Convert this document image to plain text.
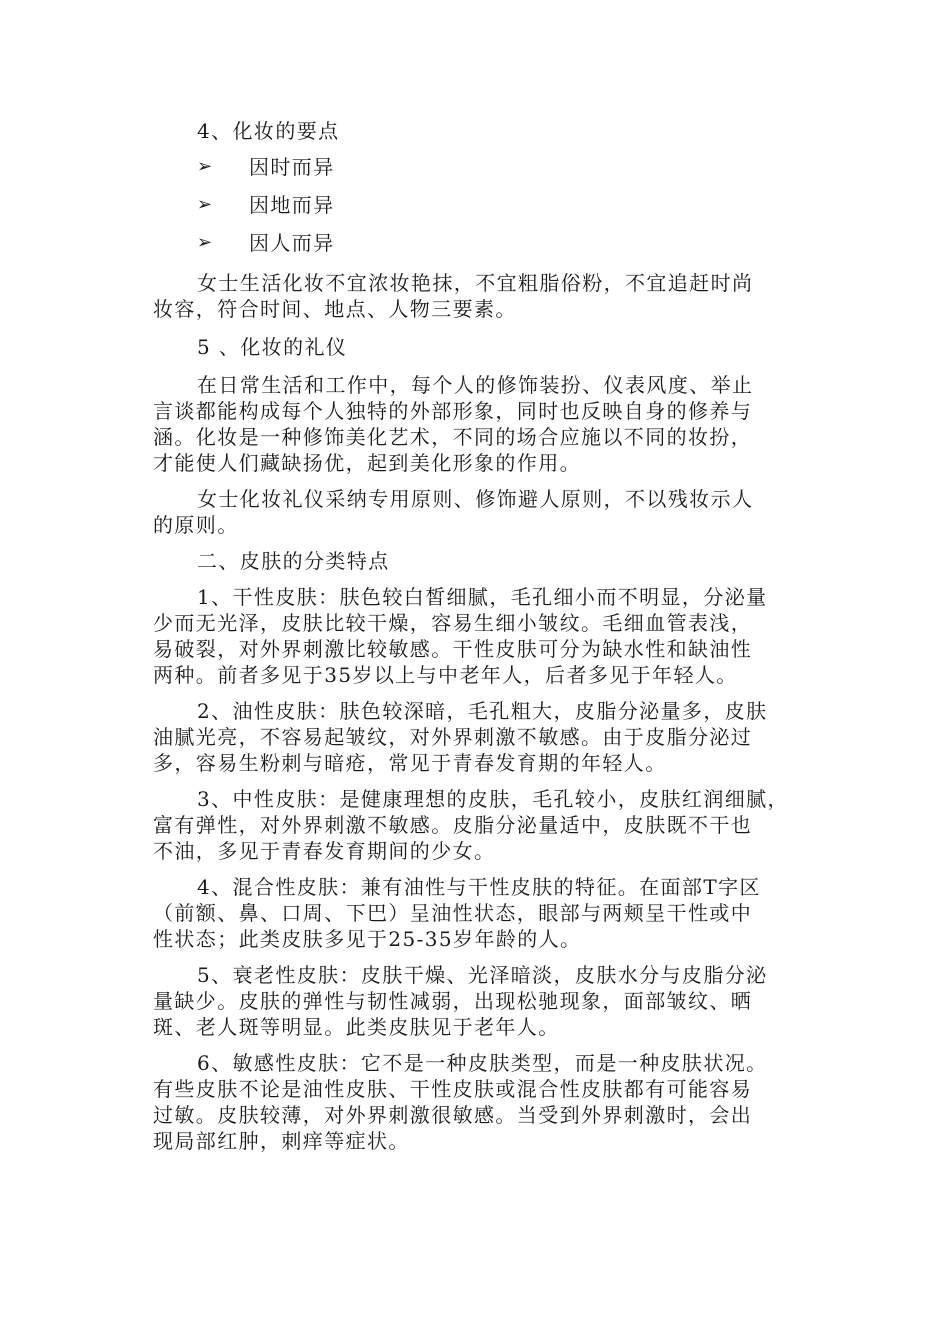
4、化妆的要点
➢ 因时而异
➢ 因地而异
➢ 因人而异
女士生活化妆不宜浓妆艳抹，不宜粗脂俗粉，不宜追赶时尚
妆容，符合时间、地点、人物三要素。
5 、化妆的礼仪
在日常生活和工作中，每个人的修饰装扮、仪表风度、举止
言谈都能构成每个人独特的外部形象，同时也反映自身的修养与
涵。化妆是一种修饰美化艺术，不同的场合应施以不同的妆扮，
才能使人们藏缺扬优，起到美化形象的作用。
女士化妆礼仪采纳专用原则、修饰避人原则，不以残妆示人
的原则。
二、皮肤的分类特点
1、干性皮肤：肤色较白皙细腻，毛孔细小而不明显，分泌量
少而无光泽，皮肤比较干燥，容易生细小皱纹。毛细血管表浅，
易破裂，对外界刺激比较敏感。干性皮肤可分为缺水性和缺油性
两种。前者多见于35岁以上与中老年人，后者多见于年轻人。
2、油性皮肤：肤色较深暗，毛孔粗大，皮脂分泌量多，皮肤
油腻光亮，不容易起皱纹，对外界刺激不敏感。由于皮脂分泌过
多，容易生粉刺与暗疮，常见于青春发育期的年轻人。
3、中性皮肤：是健康理想的皮肤，毛孔较小，皮肤红润细腻，
富有弹性，对外界刺激不敏感。皮脂分泌量适中，皮肤既不干也
不油，多见于青春发育期间的少女。
4、混合性皮肤：兼有油性与干性皮肤的特征。在面部T字区
（前额、鼻、口周、下巴）呈油性状态，眼部与两颊呈干性或中
性状态；此类皮肤多见于25-35岁年龄的人。
5、衰老性皮肤：皮肤干燥、光泽暗淡，皮肤水分与皮脂分泌
量缺少。皮肤的弹性与韧性减弱，出现松驰现象，面部皱纹、晒
斑、老人斑等明显。此类皮肤见于老年人。
6、敏感性皮肤：它不是一种皮肤类型，而是一种皮肤状况。
有些皮肤不论是油性皮肤、干性皮肤或混合性皮肤都有可能容易
过敏。皮肤较薄，对外界刺激很敏感。当受到外界刺激时，会出
现局部红肿，刺痒等症状。
